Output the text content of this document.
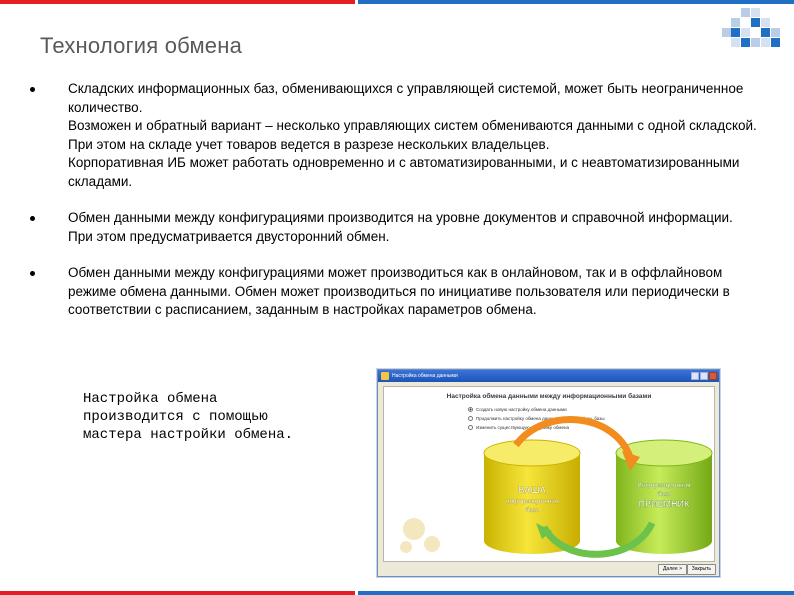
Технология обмена

Складских информационных баз, обменивающихся с управляющей системой, может быть неограниченное количество.

Возможен и обратный вариант – несколько управляющих систем обмениваются данными с одной складской. При этом на складе учет товаров ведется в разрезе нескольких владельцев.

Корпоративная ИБ может работать одновременно и с автоматизированными, и с неавтоматизированными складами.

Обмен данными между конфигурациями производится на уровне документов и справочной информации. При этом предусматривается двусторонний обмен.

Обмен данными между конфигурациями может производиться как в онлайновом, так и в оффлайновом режиме обмена данными. Обмен может производиться по инициативе пользователя или периодически в соответствии с расписанием, заданным в настройках параметров обмена.

Настройка обмена
производится с помощью
мастера настройки обмена.
Настройка обмена данными
Настройка обмена данными между информационными базами
Создать новую настройку обмена данными
Продолжить настройку обмена данными для второй ин. базы
Изменить существующую настройку обмена
ВАША
информационная
база
Информационная
база
ПРИЕМНИК
Далее >	Закрыть
